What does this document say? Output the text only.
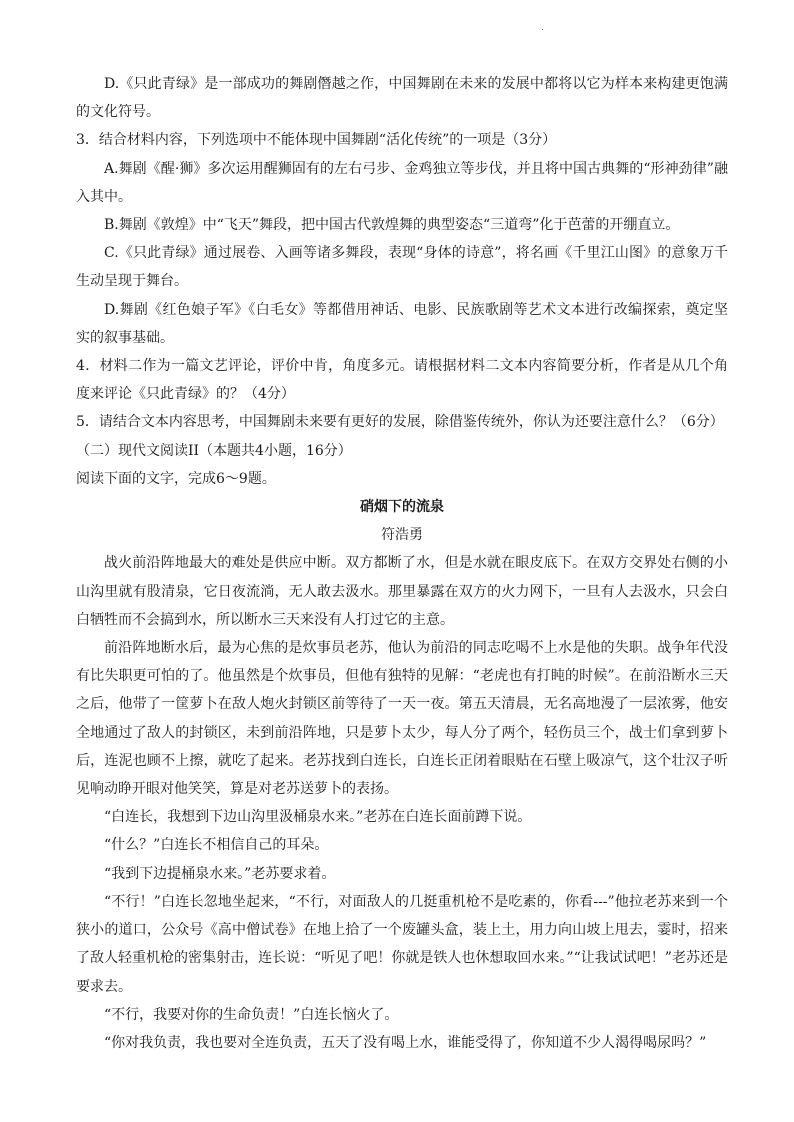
·

D.《只此青绿》是一部成功的舞剧僭越之作，中国舞剧在未来的发展中都将以它为样本来构建更饱满的文化符号。

3．结合材料内容，下列选项中不能体现中国舞剧“活化传统”的一项是（3分）

A.舞剧《醒·狮》多次运用醒狮固有的左右弓步、金鸡独立等步伐，并且将中国古典舞的“形神劲律”融入其中。

B.舞剧《敦煌》中“飞天”舞段，把中国古代敦煌舞的典型姿态“三道弯”化于芭蕾的开绷直立。

C.《只此青绿》通过展卷、入画等诸多舞段，表现“身体的诗意”，将名画《千里江山图》的意象万千生动呈现于舞台。

D.舞剧《红色娘子军》《白毛女》等都借用神话、电影、民族歌剧等艺术文本进行改编探索，奠定坚实的叙事基础。

4．材料二作为一篇文艺评论，评价中肯，角度多元。请根据材料二文本内容简要分析，作者是从几个角度来评论《只此青绿》的？（4分）

5．请结合文本内容思考，中国舞剧未来要有更好的发展，除借鉴传统外，你认为还要注意什么？（6分）

（二）现代文阅读II（本题共4小题，16分）

阅读下面的文字，完成6～9题。

硝烟下的流泉

符浩勇

战火前沿阵地最大的难处是供应中断。双方都断了水，但是水就在眼皮底下。在双方交界处右侧的小山沟里就有股清泉，它日夜流淌，无人敢去汲水。那里暴露在双方的火力网下，一旦有人去汲水，只会白白牺牲而不会搞到水，所以断水三天来没有人打过它的主意。

前沿阵地断水后，最为心焦的是炊事员老苏，他认为前沿的同志吃喝不上水是他的失职。战争年代没有比失职更可怕的了。他虽然是个炊事员，但他有独特的见解：“老虎也有打盹的时候”。在前沿断水三天之后，他带了一筐萝卜在敌人炮火封锁区前等待了一天一夜。第五天清晨，无名高地漫了一层浓雾，他安全地通过了敌人的封锁区，未到前沿阵地，只是萝卜太少，每人分了两个，轻伤员三个，战士们拿到萝卜后，连泥也顾不上擦，就吃了起来。老苏找到白连长，白连长正闭着眼贴在石壁上吸凉气，这个壮汉子听见响动睁开眼对他笑笑，算是对老苏送萝卜的表扬。

“白连长，我想到下边山沟里汲桶泉水来。”老苏在白连长面前蹲下说。

“什么？”白连长不相信自己的耳朵。

“我到下边提桶泉水来。”老苏要求着。

“不行！”白连长忽地坐起来，“不行，对面敌人的几挺重机枪不是吃素的，你看---”他拉老苏来到一个狭小的道口，公众号《高中僧试卷》在地上拾了一个废罐头盒，装上土，用力向山坡上甩去，霎时，招来了敌人轻重机枪的密集射击，连长说：“听见了吧！你就是铁人也休想取回水来。”“让我试试吧！”老苏还是要求去。

“不行，我要对你的生命负责！”白连长恼火了。

“你对我负责，我也要对全连负责，五天了没有喝上水，谁能受得了，你知道不少人渴得喝尿吗？”
